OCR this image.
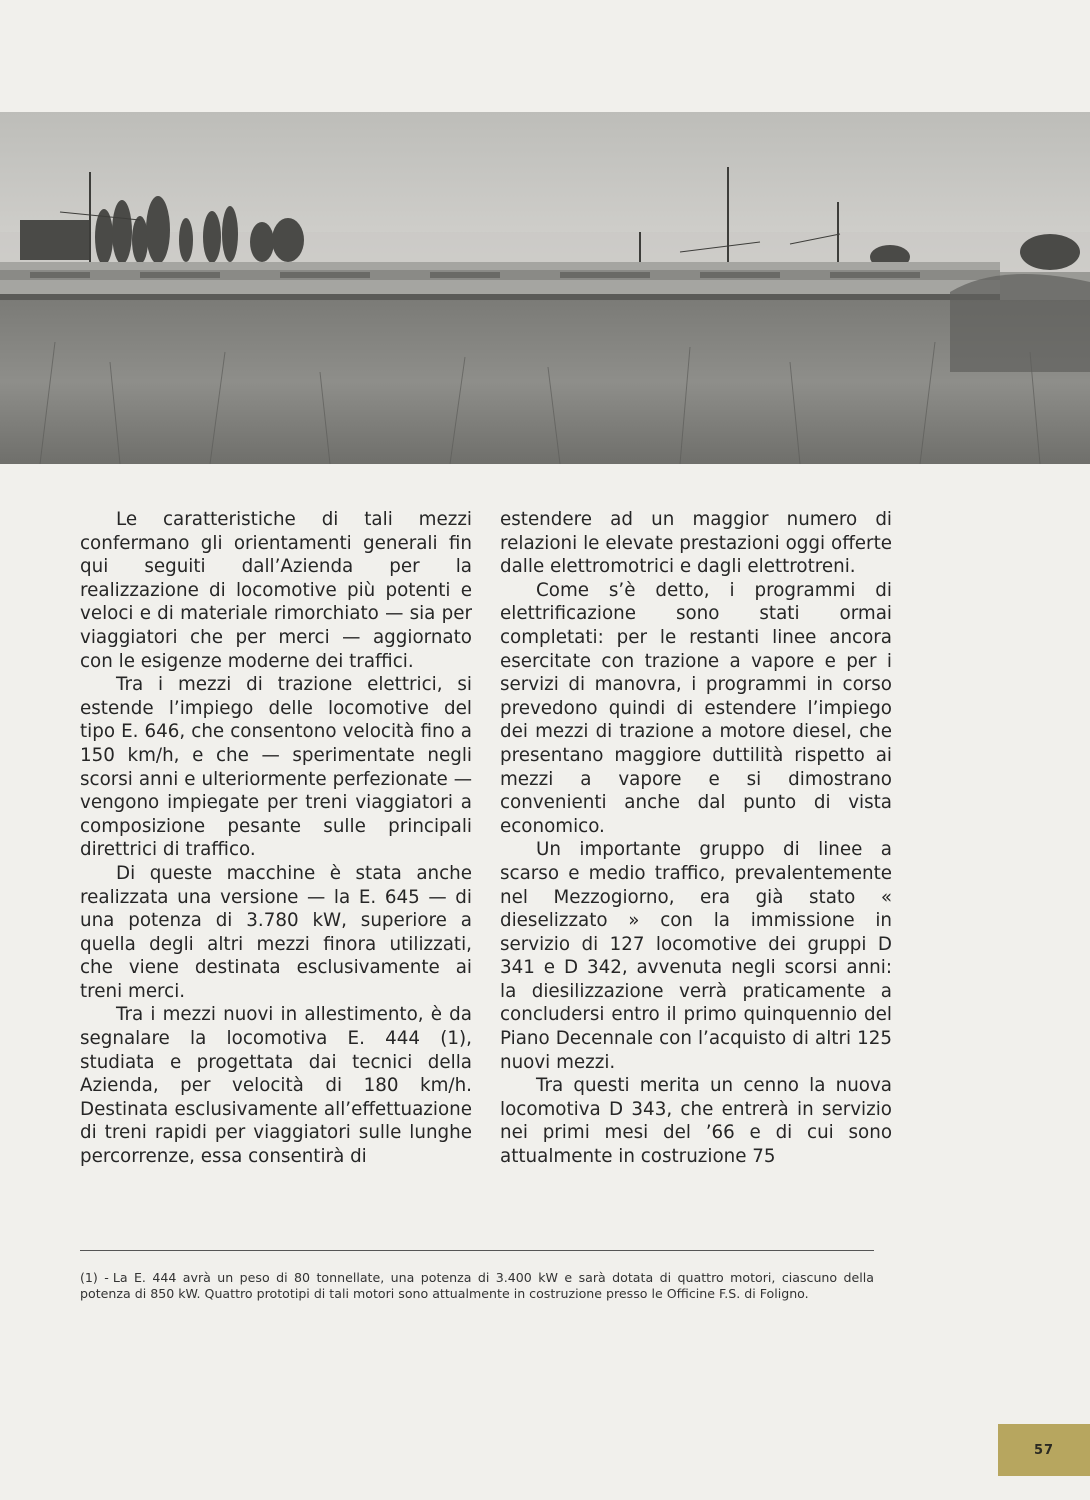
Le caratteristiche di tali mezzi confermano gli orientamenti generali fin qui seguiti dall’Azienda per la realizzazione di locomotive più potenti e veloci e di materiale rimorchiato — sia per viaggiatori che per merci — aggiornato con le esigenze moderne dei traffici.

Tra i mezzi di trazione elettrici, si estende l’impiego delle locomotive del tipo E. 646, che consentono velocità fino a 150 km/h, e che — sperimentate negli scorsi anni e ulteriormente perfezionate — vengono impiegate per treni viaggiatori a composizione pesante sulle principali direttrici di traffico.

Di queste macchine è stata anche realizzata una versione — la E. 645 — di una potenza di 3.780 kW, superiore a quella degli altri mezzi finora utilizzati, che viene destinata esclusivamente ai treni merci.

Tra i mezzi nuovi in allestimento, è da segnalare la locomotiva E. 444 (1), studiata e progettata dai tecnici della Azienda, per velocità di 180 km/h. Destinata esclusivamente all’effettuazione di treni rapidi per viaggiatori sulle lunghe percorrenze, essa consentirà di

estendere ad un maggior numero di relazioni le elevate prestazioni oggi offerte dalle elettromotrici e dagli elettrotreni.

Come s’è detto, i programmi di elettrificazione sono stati ormai completati: per le restanti linee ancora esercitate con trazione a vapore e per i servizi di manovra, i programmi in corso prevedono quindi di estendere l’impiego dei mezzi di trazione a motore diesel, che presentano maggiore duttilità rispetto ai mezzi a vapore e si dimostrano convenienti anche dal punto di vista economico.

Un importante gruppo di linee a scarso e medio traffico, prevalentemente nel Mezzogiorno, era già stato « dieselizzato » con la immissione in servizio di 127 locomotive dei gruppi D 341 e D 342, avvenuta negli scorsi anni: la diesilizzazione verrà praticamente a concludersi entro il primo quinquennio del Piano Decennale con l’acquisto di altri 125 nuovi mezzi.

Tra questi merita un cenno la nuova locomotiva D 343, che entrerà in servizio nei primi mesi del ’66 e di cui sono attualmente in costruzione 75

(1) - La E. 444 avrà un peso di 80 tonnellate, una potenza di 3.400 kW e sarà dotata di quattro motori, ciascuno della potenza di 850 kW. Quattro prototipi di tali motori sono attualmente in costruzione presso le Officine F.S. di Foligno.
57
